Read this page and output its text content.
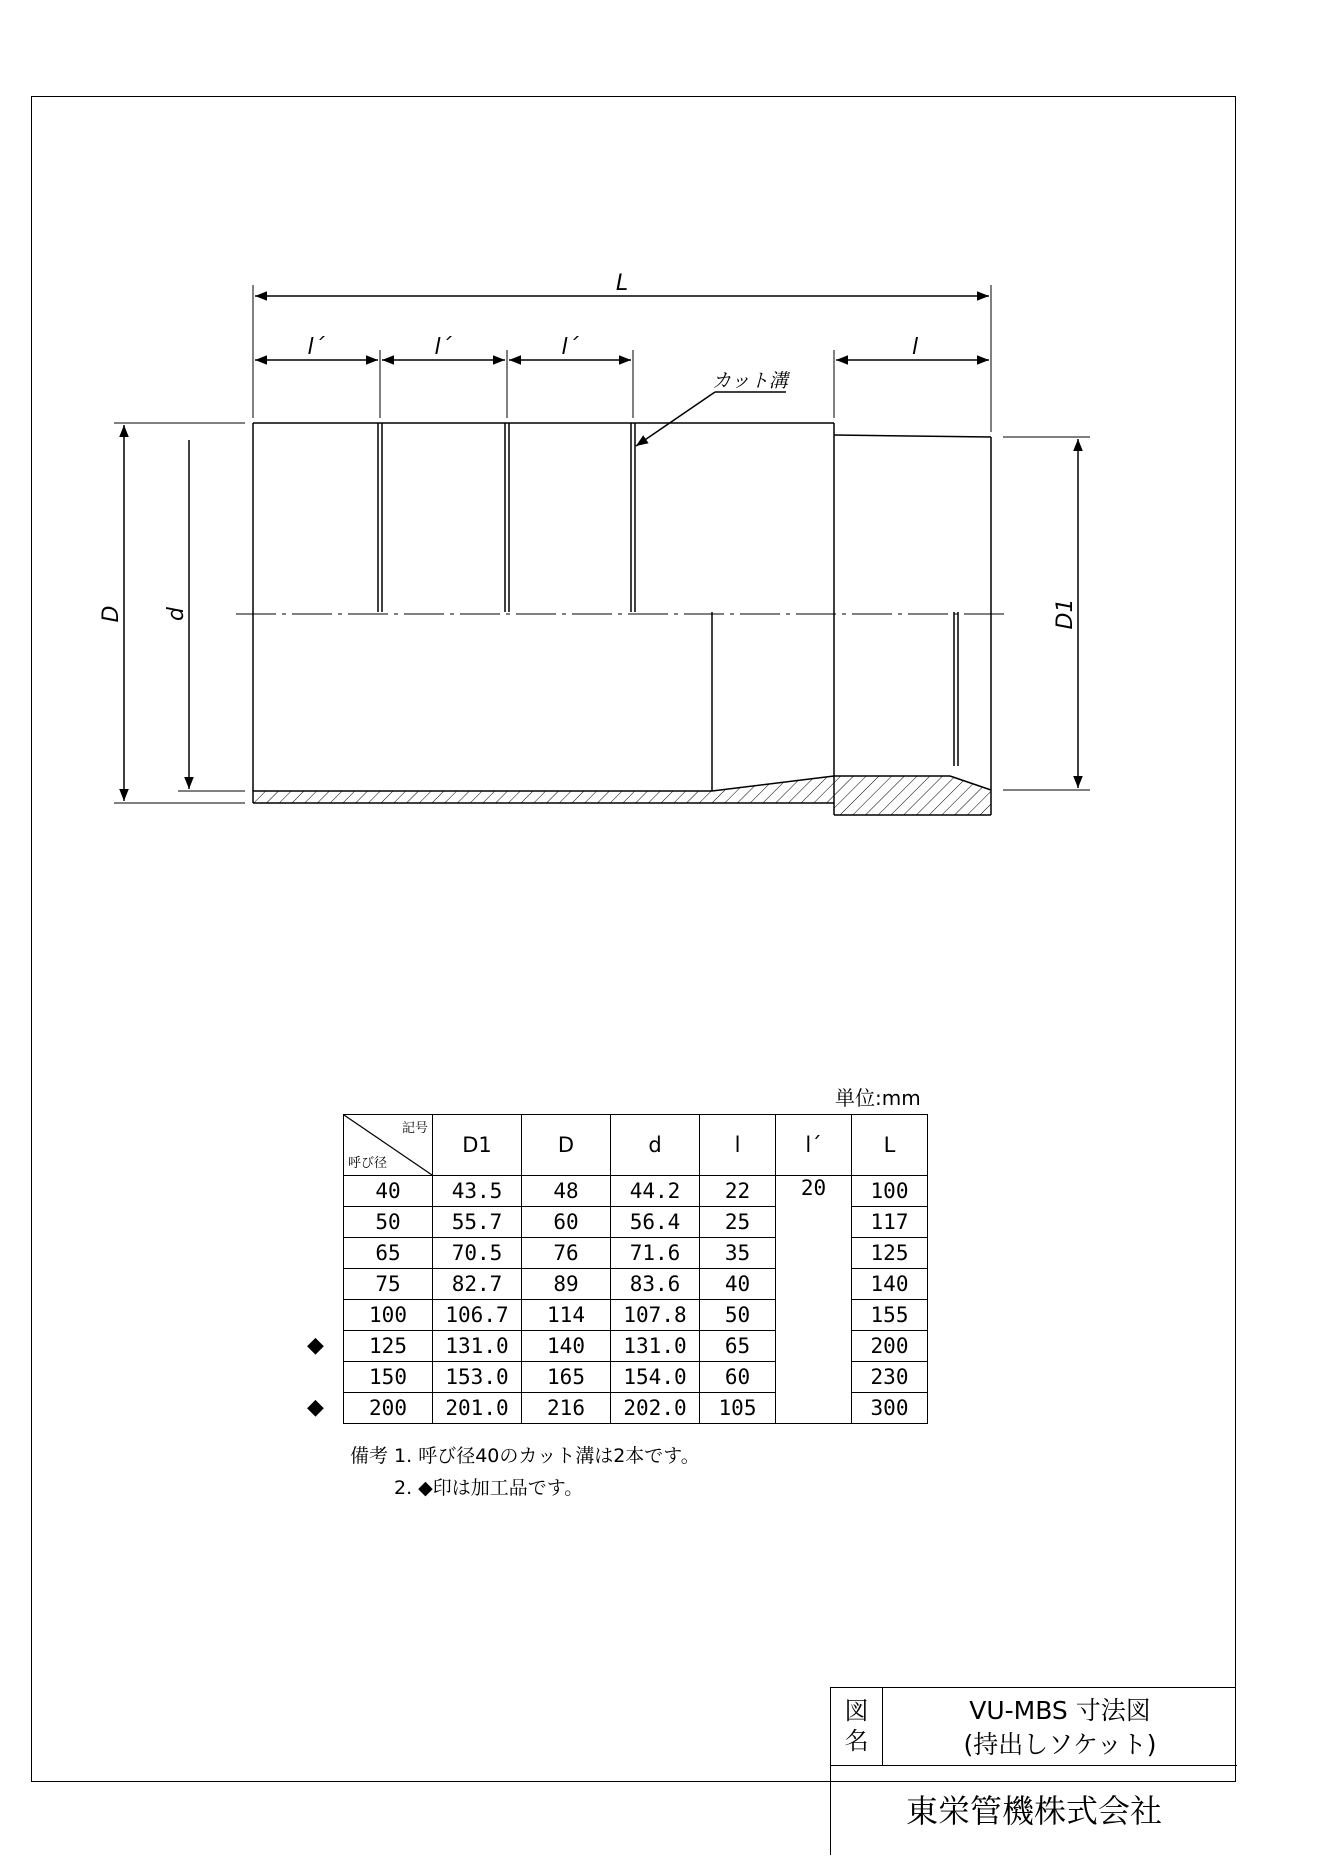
L
l´	l´	l´	l
D d	D1
カット溝
単位:mm
記号
呼び径	D1	D	d	l	l´	L
40	43.5	48	44.2	22	20	100
50	55.7	60	56.4	25		117
65	70.5	76	71.6	35		125
75	82.7	89	83.6	40		140
100	106.7	114	107.8	50		155
125	131.0	140	131.0	65		200
150	153.0	165	154.0	60		230
200	201.0	216	202.0	105		300
◆
◆
備考 1. 呼び径40のカット溝は2本です。
2. ◆印は加工品です。
図
名
VU-MBS 寸法図
(持出しソケット)
東栄管機株式会社
